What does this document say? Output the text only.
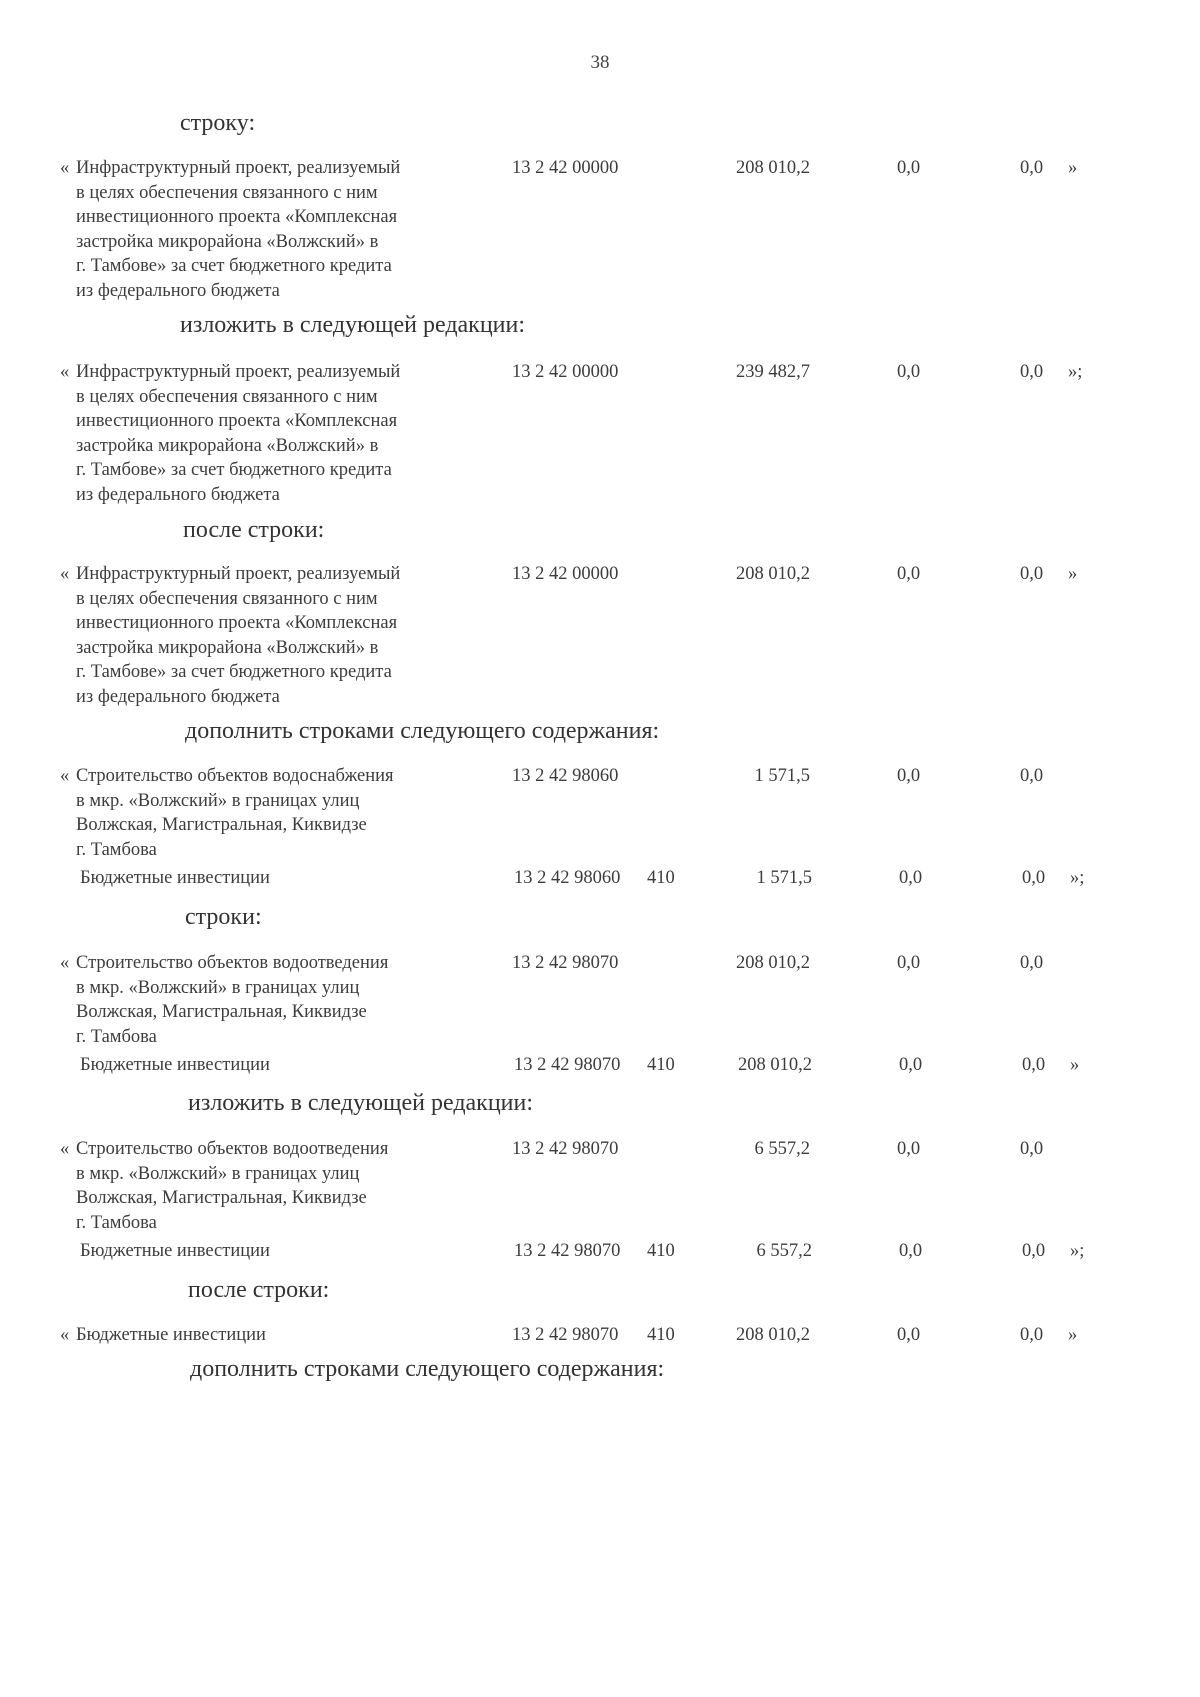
38
строку:
« Инфраструктурный проект, реализуемый
в целях обеспечения связанного с ним
инвестиционного проекта «Комплексная
застройка микрорайона «Волжский» в
г. Тамбове» за счет бюджетного кредита
из федерального бюджета
13 2 42 00000	208 010,2	0,0	0,0	»
изложить в следующей редакции:
« Инфраструктурный проект, реализуемый
в целях обеспечения связанного с ним
инвестиционного проекта «Комплексная
застройка микрорайона «Волжский» в
г. Тамбове» за счет бюджетного кредита
из федерального бюджета
13 2 42 00000	239 482,7	0,0	0,0	»;
после строки:
« Инфраструктурный проект, реализуемый
в целях обеспечения связанного с ним
инвестиционного проекта «Комплексная
застройка микрорайона «Волжский» в
г. Тамбове» за счет бюджетного кредита
из федерального бюджета
13 2 42 00000	208 010,2	0,0	0,0	»
дополнить строками следующего содержания:
« Строительство объектов водоснабжения
в мкр. «Волжский» в границах улиц
Волжская, Магистральная, Киквидзе
г. Тамбова
13 2 42 98060	1 571,5	0,0	0,0
Бюджетные инвестиции	13 2 42 98060	410	1 571,5	0,0	0,0	»;
строки:
« Строительство объектов водоотведения
в мкр. «Волжский» в границах улиц
Волжская, Магистральная, Киквидзе
г. Тамбова
13 2 42 98070	208 010,2	0,0	0,0
Бюджетные инвестиции	13 2 42 98070	410	208 010,2	0,0	0,0	»
изложить в следующей редакции:
« Строительство объектов водоотведения
в мкр. «Волжский» в границах улиц
Волжская, Магистральная, Киквидзе
г. Тамбова
13 2 42 98070	6 557,2	0,0	0,0
Бюджетные инвестиции	13 2 42 98070	410	6 557,2	0,0	0,0	»;
после строки:
« Бюджетные инвестиции	13 2 42 98070	410	208 010,2	0,0	0,0	»
дополнить строками следующего содержания:
